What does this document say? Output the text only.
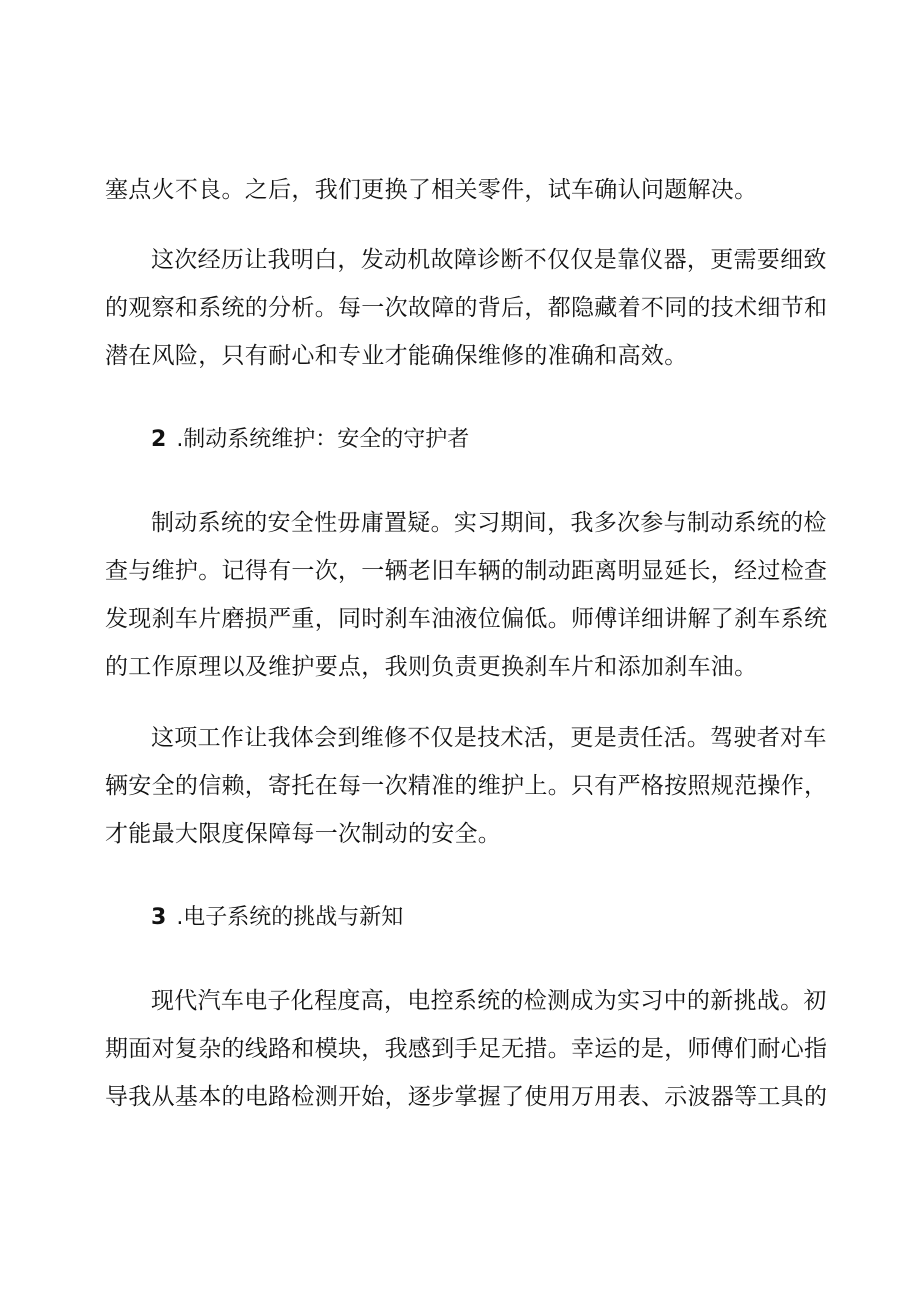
塞点火不良。之后，我们更换了相关零件，试车确认问题解决。
这次经历让我明白，发动机故障诊断不仅仅是靠仪器，更需要细致
的观察和系统的分析。每一次故障的背后，都隐藏着不同的技术细节和
潜在风险，只有耐心和专业才能确保维修的准确和高效。
2 .制动系统维护：安全的守护者
制动系统的安全性毋庸置疑。实习期间，我多次参与制动系统的检
查与维护。记得有一次，一辆老旧车辆的制动距离明显延长，经过检查
发现刹车片磨损严重，同时刹车油液位偏低。师傅详细讲解了刹车系统
的工作原理以及维护要点，我则负责更换刹车片和添加刹车油。
这项工作让我体会到维修不仅是技术活，更是责任活。驾驶者对车
辆安全的信赖，寄托在每一次精准的维护上。只有严格按照规范操作，
才能最大限度保障每一次制动的安全。
3 .电子系统的挑战与新知
现代汽车电子化程度高，电控系统的检测成为实习中的新挑战。初
期面对复杂的线路和模块，我感到手足无措。幸运的是，师傅们耐心指
导我从基本的电路检测开始，逐步掌握了使用万用表、示波器等工具的
